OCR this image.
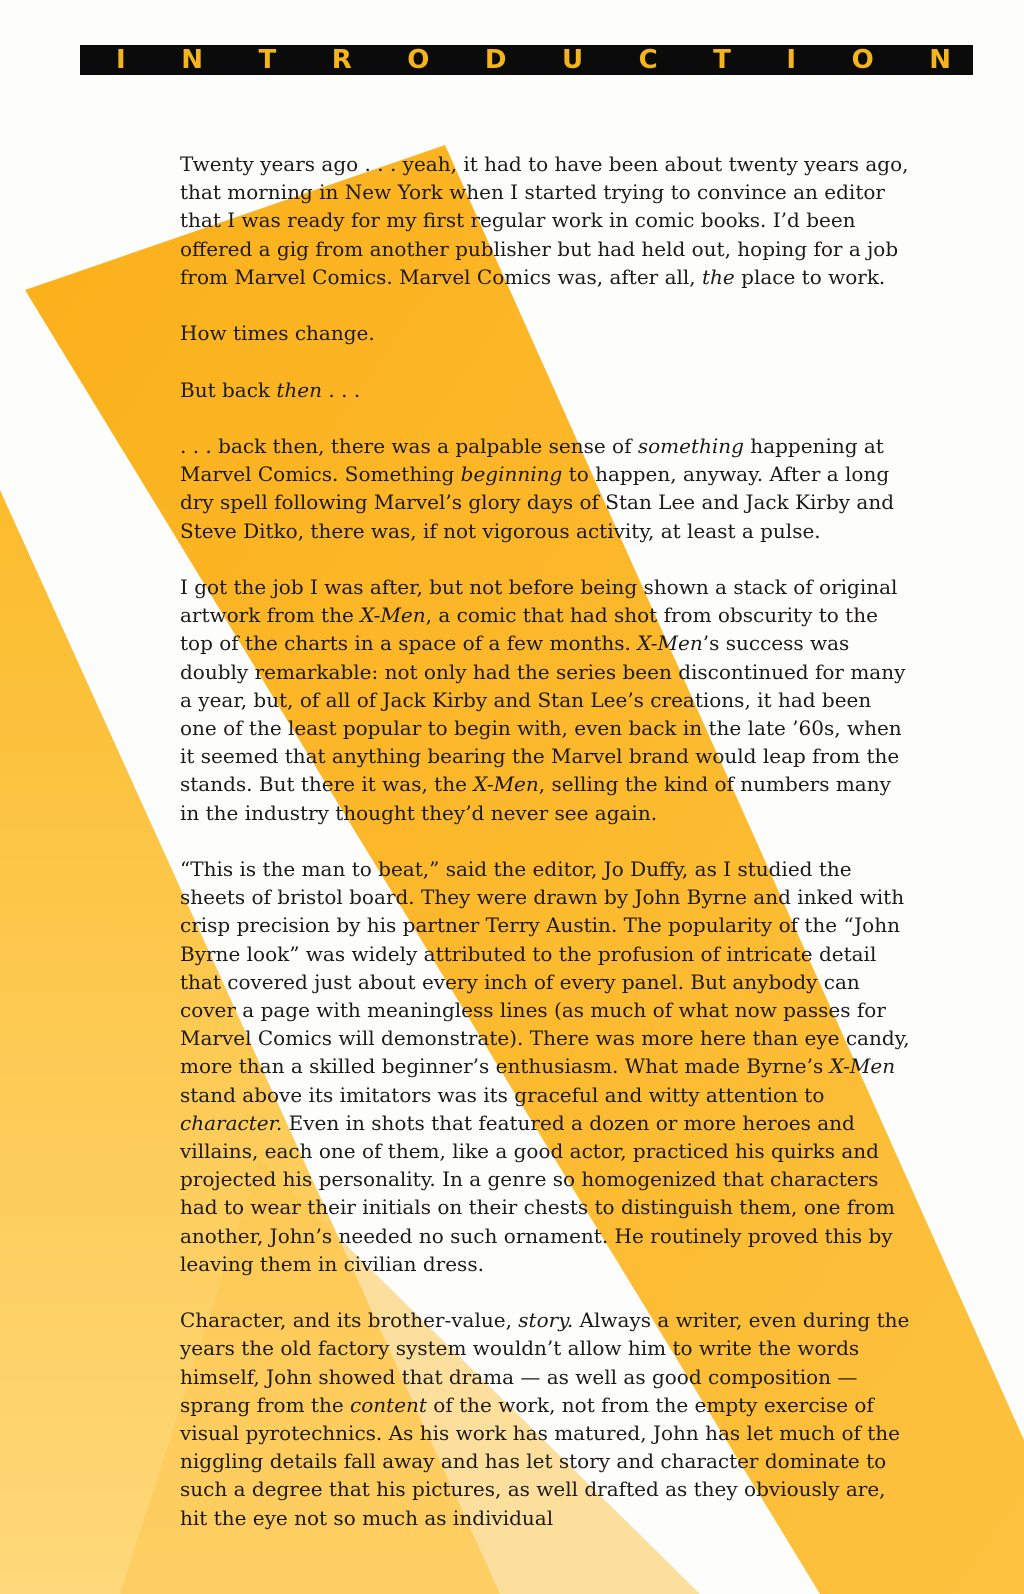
I N T R O D U C T I O N

Twenty years ago . . . yeah, it had to have been about twenty years ago, that morning in New York when I started trying to convince an editor that I was ready for my first regular work in comic books. I’d been offered a gig from another publisher but had held out, hoping for a job from Marvel Comics. Marvel Comics was, after all, the place to work.

How times change.

But back then . . .

. . . back then, there was a palpable sense of something happening at Marvel Comics. Something beginning to happen, anyway. After a long dry spell following Marvel’s glory days of Stan Lee and Jack Kirby and Steve Ditko, there was, if not vigorous activity, at least a pulse.

I got the job I was after, but not before being shown a stack of original artwork from the X-Men, a comic that had shot from obscurity to the top of the charts in a space of a few months. X-Men’s success was doubly remarkable: not only had the series been discontinued for many a year, but, of all of Jack Kirby and Stan Lee’s creations, it had been one of the least popular to begin with, even back in the late ’60s, when it seemed that anything bearing the Marvel brand would leap from the stands. But there it was, the X-Men, selling the kind of numbers many in the industry thought they’d never see again.

“This is the man to beat,” said the editor, Jo Duffy, as I studied the sheets of bristol board. They were drawn by John Byrne and inked with crisp precision by his partner Terry Austin. The popularity of the “John Byrne look” was widely attributed to the profusion of intricate detail that covered just about every inch of every panel. But anybody can cover a page with meaningless lines (as much of what now passes for Marvel Comics will demonstrate). There was more here than eye candy, more than a skilled beginner’s enthusiasm. What made Byrne’s X-Men stand above its imitators was its graceful and witty attention to character. Even in shots that featured a dozen or more heroes and villains, each one of them, like a good actor, practiced his quirks and projected his personality. In a genre so homogenized that characters had to wear their initials on their chests to distinguish them, one from another, John’s needed no such ornament. He routinely proved this by leaving them in civilian dress.

Character, and its brother-value, story. Always a writer, even during the years the old factory system wouldn’t allow him to write the words himself, John showed that drama — as well as good composition — sprang from the content of the work, not from the empty exercise of visual pyrotechnics. As his work has matured, John has let much of the niggling details fall away and has let story and character dominate to such a degree that his pictures, as well drafted as they obviously are, hit the eye not so much as individual
